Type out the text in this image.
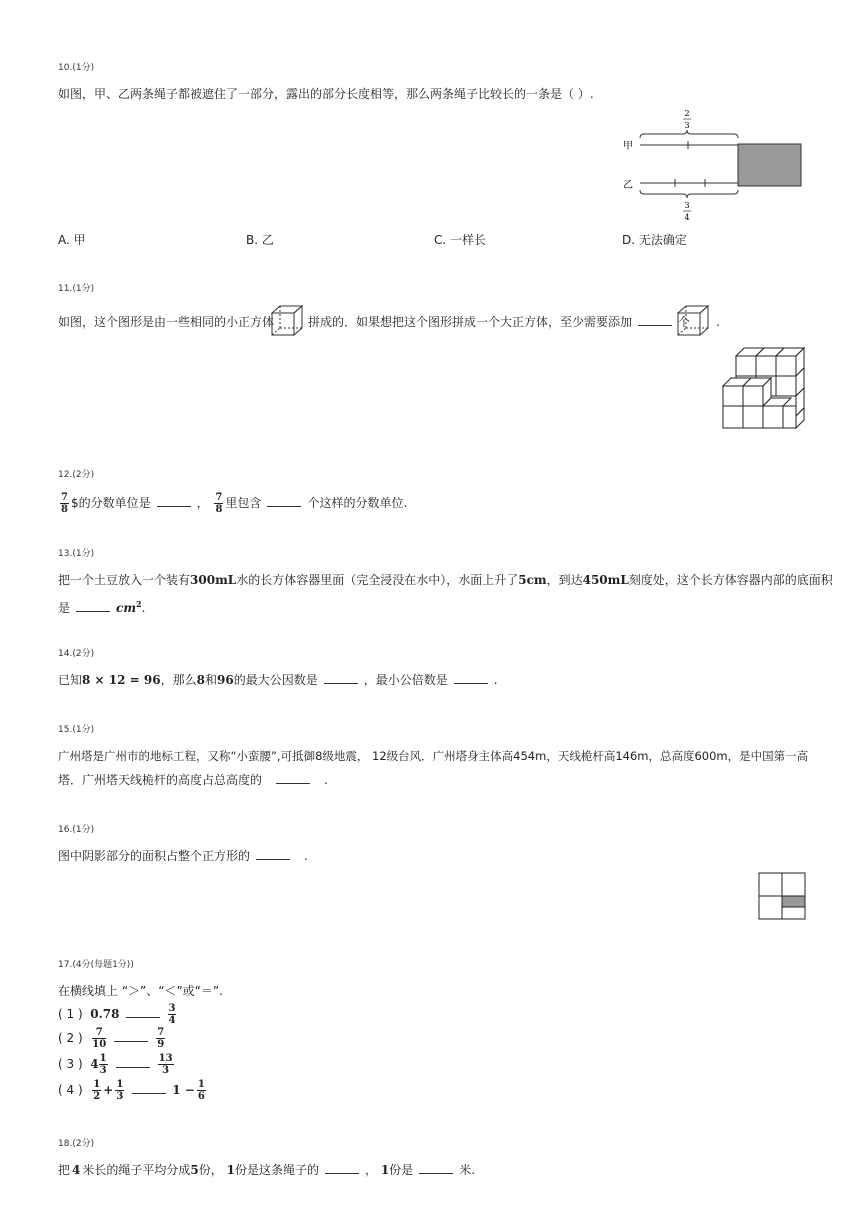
10.(1分)
如图，甲、乙两条绳子都被遮住了一部分，露出的部分长度相等，那么两条绳子比较长的一条是（ ）.
2
3
甲
乙
3
4
A. 甲	B. 乙	C. 一样长	D. 无法确定
11.(1分)
如图，这个图形是由一些相同的小正方体	拼成的．如果想把这个图形拼成一个大正方体，至少需要添加	个 .
12.(2分)
$\frac{7}{8}$ $的分数单位是	， $\frac{7}{8}$ 里包含	个这样的分数单位.
13.(1分)
把一个土豆放入一个装有300mL水的长方体容器里面（完全浸没在水中），水面上升了5cm，到达450mL刻度处，这个长方体容器内部的底面积
是	$cm^2$.
14.(2分)
已知8 × 12 = 96，那么8和96的最大公因数是	，最小公倍数是	.
15.(1分)
广州塔是广州市的地标工程，又称“小蛮腰”,可抵御8级地震， 12级台风．广州塔身主体高454m，天线桅杆高146m，总高度600m，是中国第一高
塔．广州塔天线桅杆的高度占总高度的	.
16.(1分)
图中阴影部分的面积占整个正方形的	.
17.(4分(每题1分))
在横线填上 “＞”、“＜”或“＝”.
( 1 ) 0.78	$\frac{3}{4}$
( 2 ) $\frac{7}{10}$	$\frac{7}{9}$
( 3 ) $4 \frac{1}{3}$	$\frac{13}{3}$
( 4 ) $\frac{1}{2} + \frac{1}{3}$	$1 - \frac{1}{6}$
18.(2分)
把 4 米长的绳子平均分成5份， 1份是这条绳子的	， 1份是	米.
